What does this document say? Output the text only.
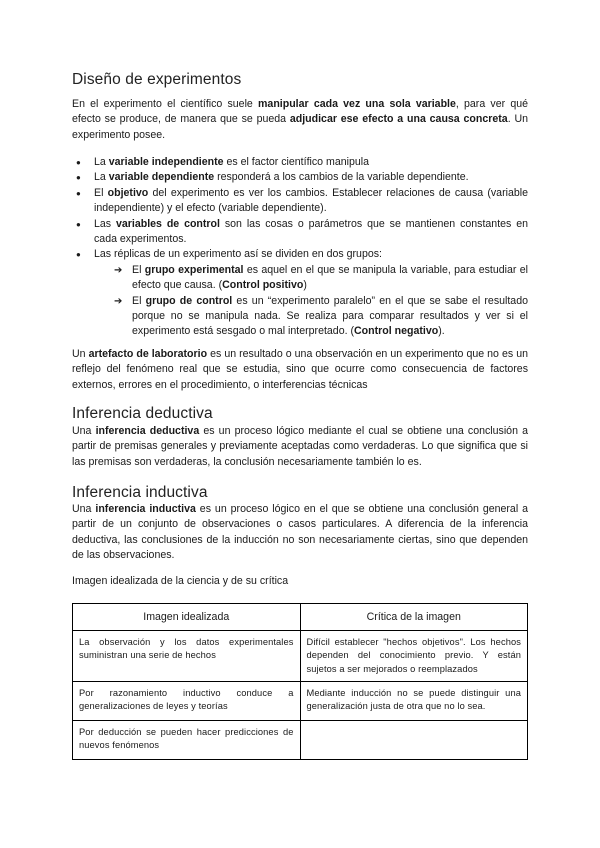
Diseño de experimentos

En el experimento el científico suele manipular cada vez una sola variable, para ver qué efecto se produce, de manera que se pueda adjudicar ese efecto a una causa concreta. Un experimento posee.

● La variable independiente es el factor científico manipula
● La variable dependiente responderá a los cambios de la variable dependiente.
● El objetivo del experimento es ver los cambios. Establecer relaciones de causa (variable independiente) y el efecto (variable dependiente).
● Las variables de control son las cosas o parámetros que se mantienen constantes en cada experimentos.
● Las réplicas de un experimento así se dividen en dos grupos:
➔ El grupo experimental es aquel en el que se manipula la variable, para estudiar el efecto que causa. (Control positivo)
➔ El grupo de control es un “experimento paralelo” en el que se sabe el resultado porque no se manipula nada. Se realiza para comparar resultados y ver si el experimento está sesgado o mal interpretado. (Control negativo).

Un artefacto de laboratorio es un resultado o una observación en un experimento que no es un reflejo del fenómeno real que se estudia, sino que ocurre como consecuencia de factores externos, errores en el procedimiento, o interferencias técnicas

Inferencia deductiva

Una inferencia deductiva es un proceso lógico mediante el cual se obtiene una conclusión a partir de premisas generales y previamente aceptadas como verdaderas. Lo que significa que si las premisas son verdaderas, la conclusión necesariamente también lo es.

Inferencia inductiva

Una inferencia inductiva es un proceso lógico en el que se obtiene una conclusión general a partir de un conjunto de observaciones o casos particulares. A diferencia de la inferencia deductiva, las conclusiones de la inducción no son necesariamente ciertas, sino que dependen de las observaciones.

Imagen idealizada de la ciencia y de su crítica

Imagen idealizada	Crítica de la imagen
La observación y los datos experimentales suministran una serie de hechos	Difícil establecer "hechos objetivos". Los hechos dependen del conocimiento previo. Y están sujetos a ser mejorados o reemplazados
Por razonamiento inductivo conduce a generalizaciones de leyes y teorías	Mediante inducción no se puede distinguir una generalización justa de otra que no lo sea.
Por deducción se pueden hacer predicciones de nuevos fenómenos	
